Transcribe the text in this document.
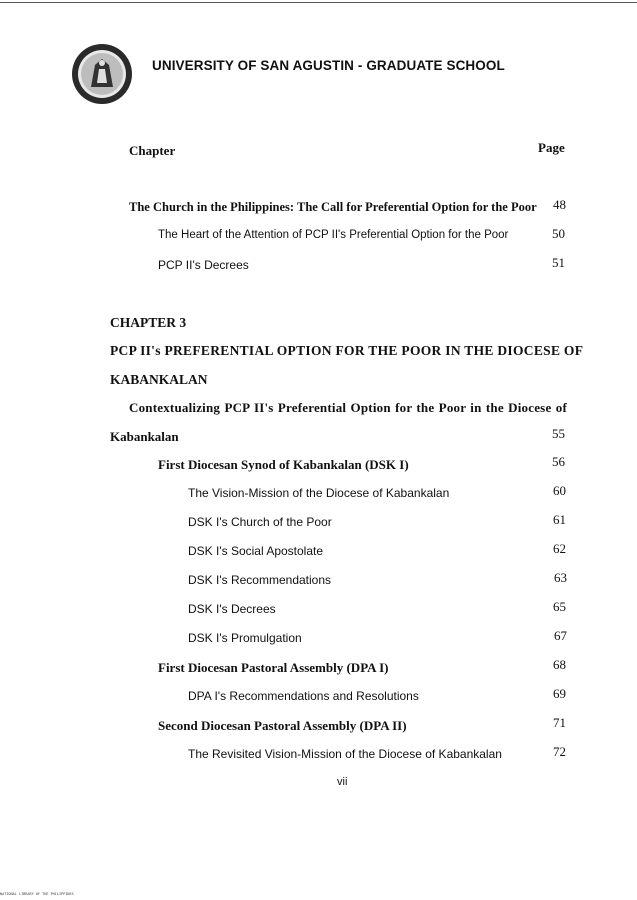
UNIVERSITY OF SAN AGUSTIN - GRADUATE SCHOOL
Chapter	Page
The Church in the Philippines: The Call for Preferential Option for the Poor 48
The Heart of the Attention of PCP II's Preferential Option for the Poor	50
PCP II's Decrees	51
CHAPTER 3
PCP II's PREFERENTIAL OPTION FOR THE POOR IN THE DIOCESE OF
KABANKALAN
Contextualizing PCP II's Preferential Option for the Poor in the Diocese of
Kabankalan	55
First Diocesan Synod of Kabankalan (DSK I)	56
The Vision-Mission of the Diocese of Kabankalan	60
DSK I's Church of the Poor	61
DSK I's Social Apostolate	62
DSK I's Recommendations	63
DSK I's Decrees	65
DSK I's Promulgation	67
First Diocesan Pastoral Assembly (DPA I)	68
DPA I's Recommendations and Resolutions	69
Second Diocesan Pastoral Assembly (DPA II)	71
The Revisited Vision-Mission of the Diocese of Kabankalan	72
vii
NATIONAL LIBRARY OF THE PHILIPPINES
